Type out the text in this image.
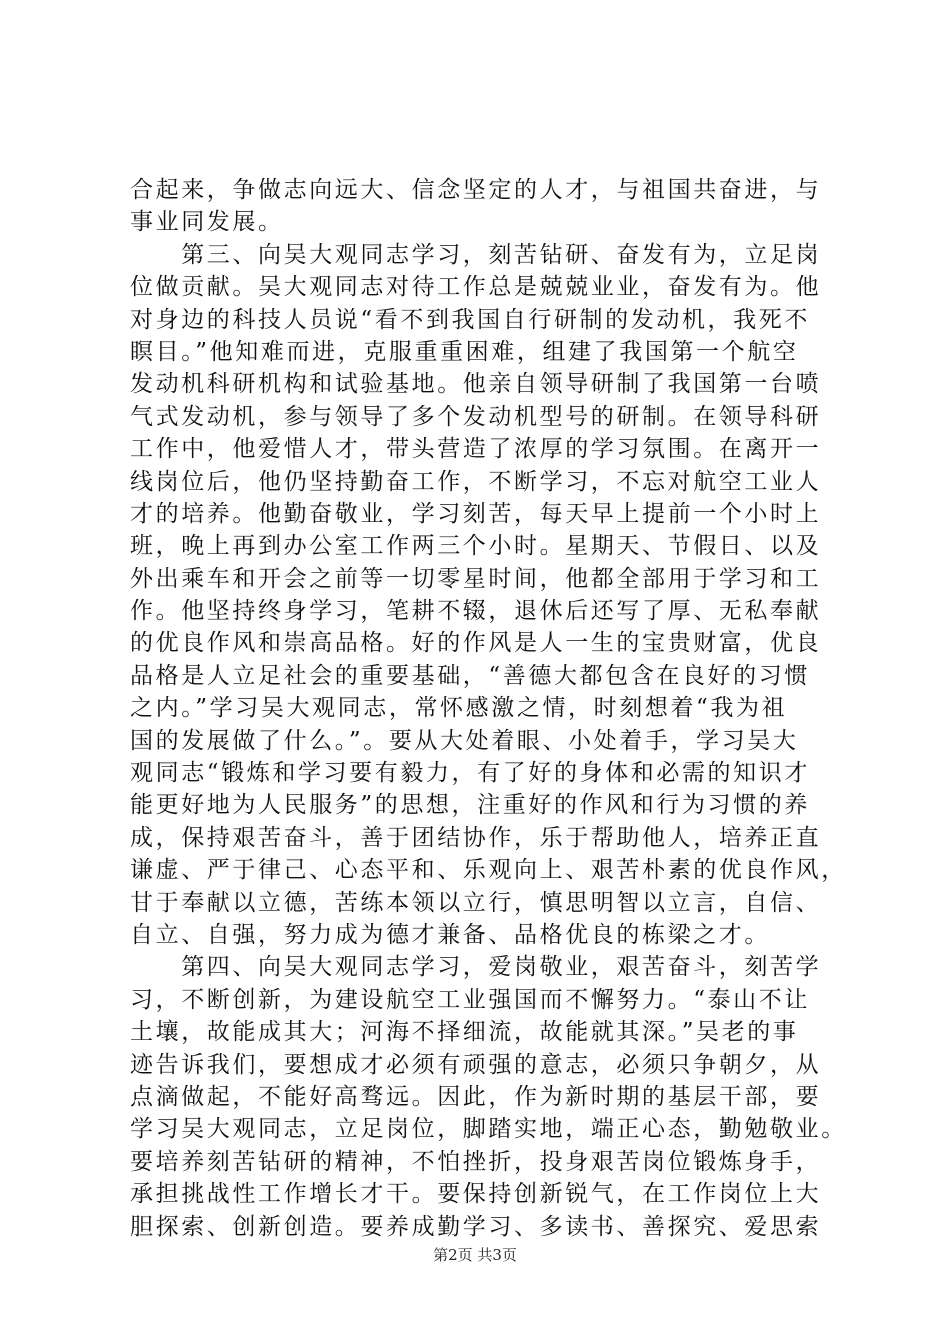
合起来，争做志向远大、信念坚定的人才，与祖国共奋进，与
事业同发展。
　　第三、向吴大观同志学习，刻苦钻研、奋发有为，立足岗
位做贡献。吴大观同志对待工作总是兢兢业业，奋发有为。他
对身边的科技人员说“看不到我国自行研制的发动机，我死不
瞑目。”他知难而进，克服重重困难，组建了我国第一个航空
发动机科研机构和试验基地。他亲自领导研制了我国第一台喷
气式发动机，参与领导了多个发动机型号的研制。在领导科研
工作中，他爱惜人才，带头营造了浓厚的学习氛围。在离开一
线岗位后，他仍坚持勤奋工作，不断学习，不忘对航空工业人
才的培养。他勤奋敬业，学习刻苦，每天早上提前一个小时上
班，晚上再到办公室工作两三个小时。星期天、节假日、以及
外出乘车和开会之前等一切零星时间，他都全部用于学习和工
作。他坚持终身学习，笔耕不辍，退休后还写了厚、无私奉献
的优良作风和崇高品格。好的作风是人一生的宝贵财富，优良
品格是人立足社会的重要基础，“善德大都包含在良好的习惯
之内。”学习吴大观同志，常怀感激之情，时刻想着“我为祖
国的发展做了什么。”。要从大处着眼、小处着手，学习吴大
观同志“锻炼和学习要有毅力，有了好的身体和必需的知识才
能更好地为人民服务”的思想，注重好的作风和行为习惯的养
成，保持艰苦奋斗，善于团结协作，乐于帮助他人，培养正直
谦虚、严于律己、心态平和、乐观向上、艰苦朴素的优良作风，
甘于奉献以立德，苦练本领以立行，慎思明智以立言，自信、
自立、自强，努力成为德才兼备、品格优良的栋梁之才。
　　第四、向吴大观同志学习，爱岗敬业，艰苦奋斗，刻苦学
习，不断创新，为建设航空工业强国而不懈努力。“泰山不让
土壤，故能成其大；河海不择细流，故能就其深。”吴老的事
迹告诉我们，要想成才必须有顽强的意志，必须只争朝夕，从
点滴做起，不能好高骛远。因此，作为新时期的基层干部，要
学习吴大观同志，立足岗位，脚踏实地，端正心态，勤勉敬业。
要培养刻苦钻研的精神，不怕挫折，投身艰苦岗位锻炼身手，
承担挑战性工作增长才干。要保持创新锐气，在工作岗位上大
胆探索、创新创造。要养成勤学习、多读书、善探究、爱思索
第2页 共3页
